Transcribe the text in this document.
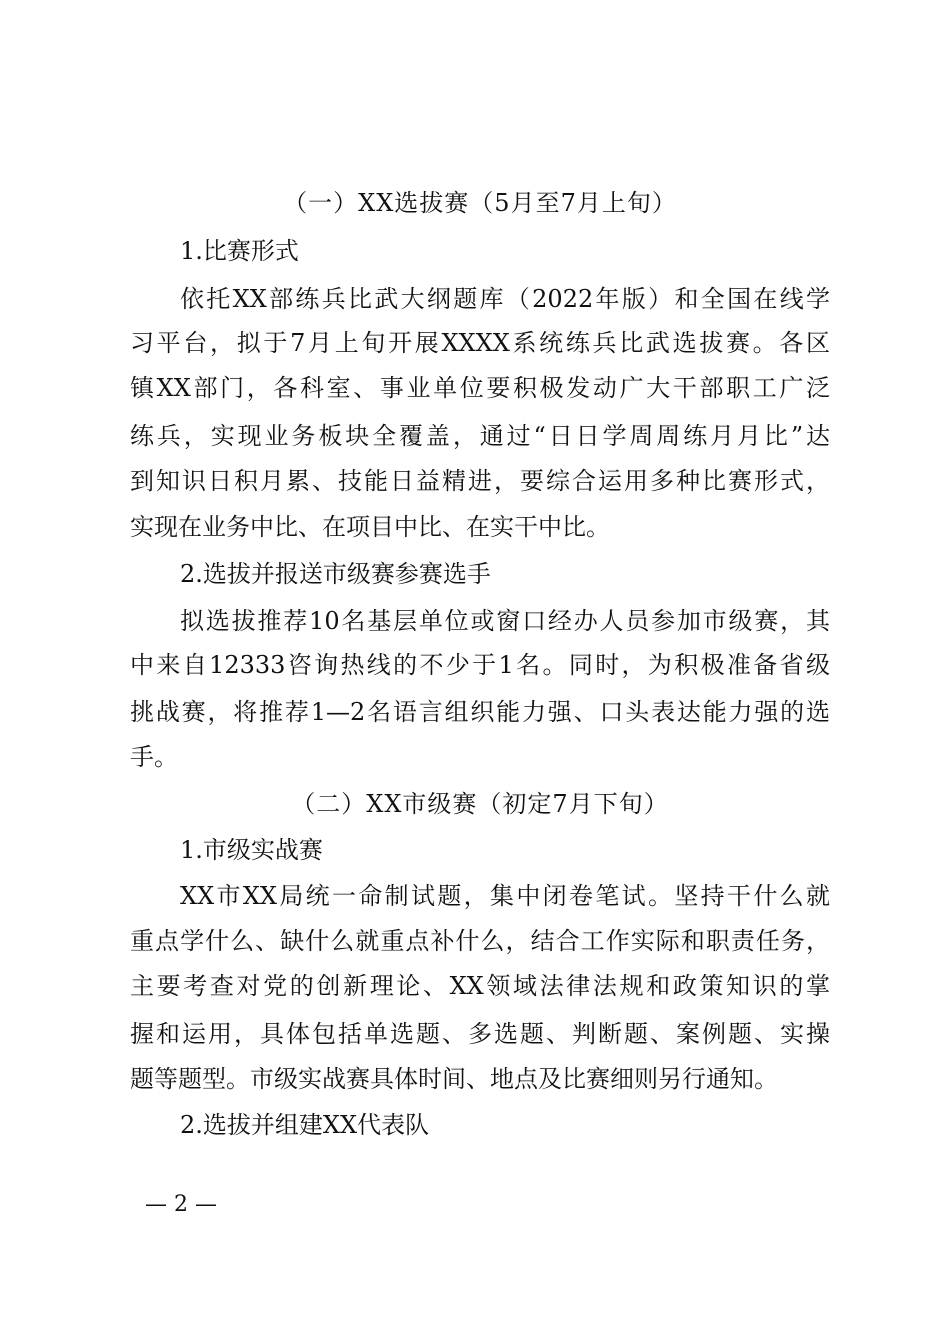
（一）XX选拔赛（5月至7月上旬）
1.比赛形式
依托XX部练兵比武大纲题库（2022年版）和全国在线学
习平台，拟于7月上旬开展XXXX系统练兵比武选拔赛。各区
镇XX部门，各科室、事业单位要积极发动广大干部职工广泛
练兵，实现业务板块全覆盖，通过“日日学周周练月月比”达
到知识日积月累、技能日益精进，要综合运用多种比赛形式，
实现在业务中比、在项目中比、在实干中比。
2.选拔并报送市级赛参赛选手
拟选拔推荐10名基层单位或窗口经办人员参加市级赛，其
中来自12333咨询热线的不少于1名。同时，为积极准备省级
挑战赛，将推荐1—2名语言组织能力强、口头表达能力强的选
手。
（二）XX市级赛（初定7月下旬）
1.市级实战赛
XX市XX局统一命制试题，集中闭卷笔试。坚持干什么就
重点学什么、缺什么就重点补什么，结合工作实际和职责任务，
主要考查对党的创新理论、XX领域法律法规和政策知识的掌
握和运用，具体包括单选题、多选题、判断题、案例题、实操
题等题型。市级实战赛具体时间、地点及比赛细则另行通知。
2.选拔并组建XX代表队
— 2 —
